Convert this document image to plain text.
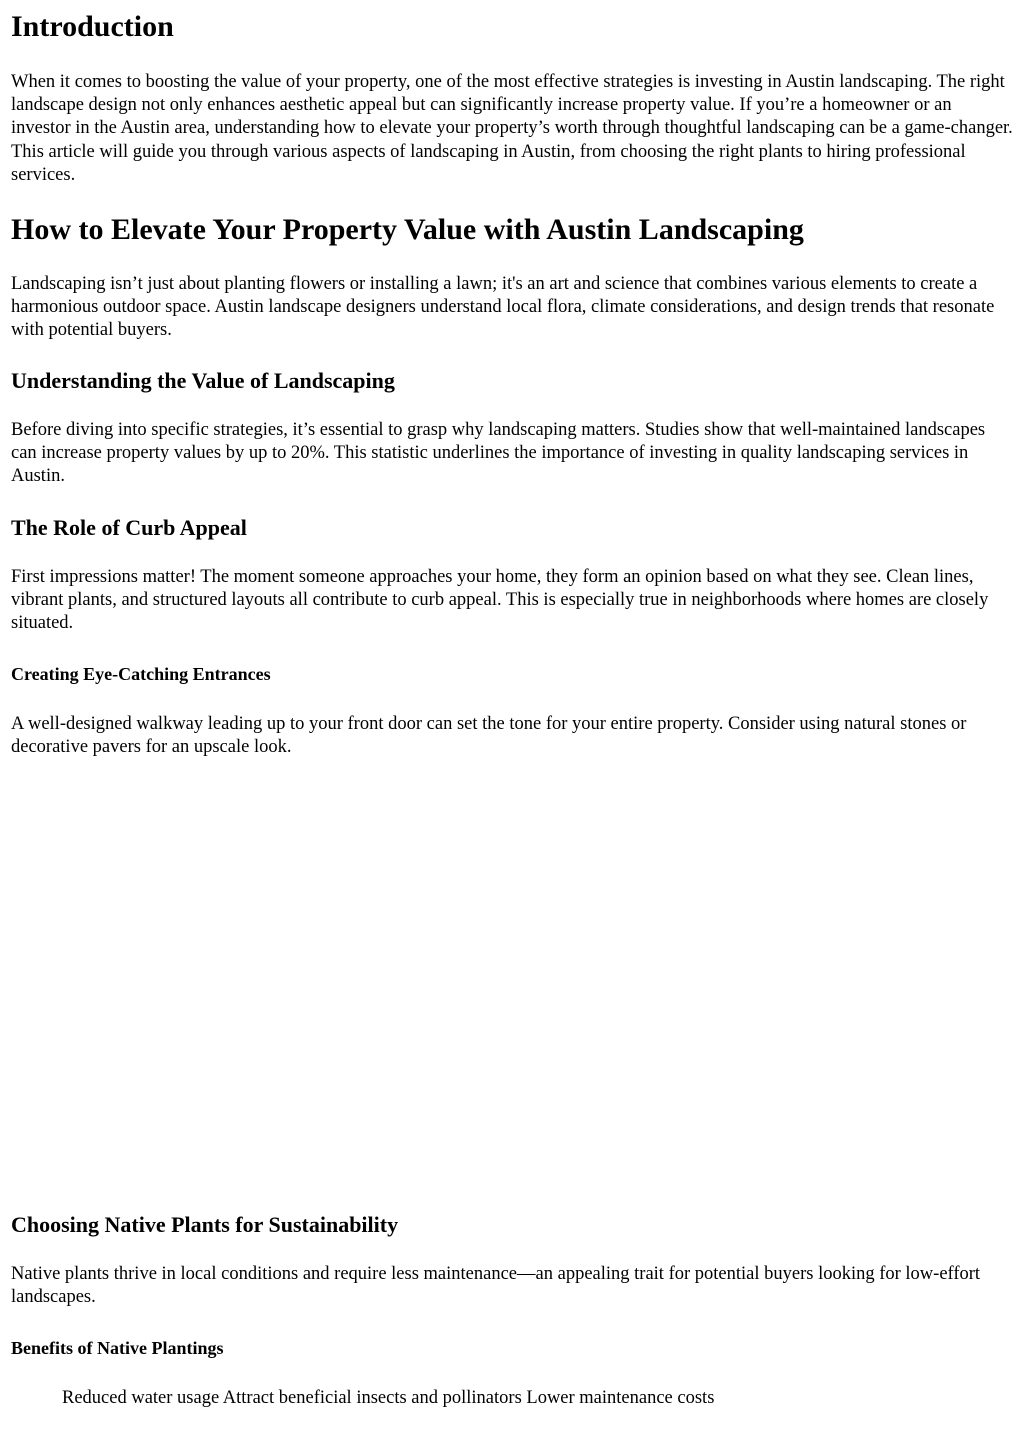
Introduction

When it comes to boosting the value of your property, one of the most effective strategies is investing in Austin landscaping. The right landscape design not only enhances aesthetic appeal but can significantly increase property value. If you’re a homeowner or an investor in the Austin area, understanding how to elevate your property’s worth through thoughtful landscaping can be a game-changer. This article will guide you through various aspects of landscaping in Austin, from choosing the right plants to hiring professional services.

How to Elevate Your Property Value with Austin Landscaping

Landscaping isn’t just about planting flowers or installing a lawn; it's an art and science that combines various elements to create a harmonious outdoor space. Austin landscape designers understand local flora, climate considerations, and design trends that resonate with potential buyers.

Understanding the Value of Landscaping

Before diving into specific strategies, it’s essential to grasp why landscaping matters. Studies show that well-maintained landscapes can increase property values by up to 20%. This statistic underlines the importance of investing in quality landscaping services in Austin.

The Role of Curb Appeal

First impressions matter! The moment someone approaches your home, they form an opinion based on what they see. Clean lines, vibrant plants, and structured layouts all contribute to curb appeal. This is especially true in neighborhoods where homes are closely situated.

Creating Eye-Catching Entrances

A well-designed walkway leading up to your front door can set the tone for your entire property. Consider using natural stones or decorative pavers for an upscale look.

Choosing Native Plants for Sustainability

Native plants thrive in local conditions and require less maintenance—an appealing trait for potential buyers looking for low-effort landscapes.

Benefits of Native Plantings
Reduced water usage Attract beneficial insects and pollinators Lower maintenance costs
